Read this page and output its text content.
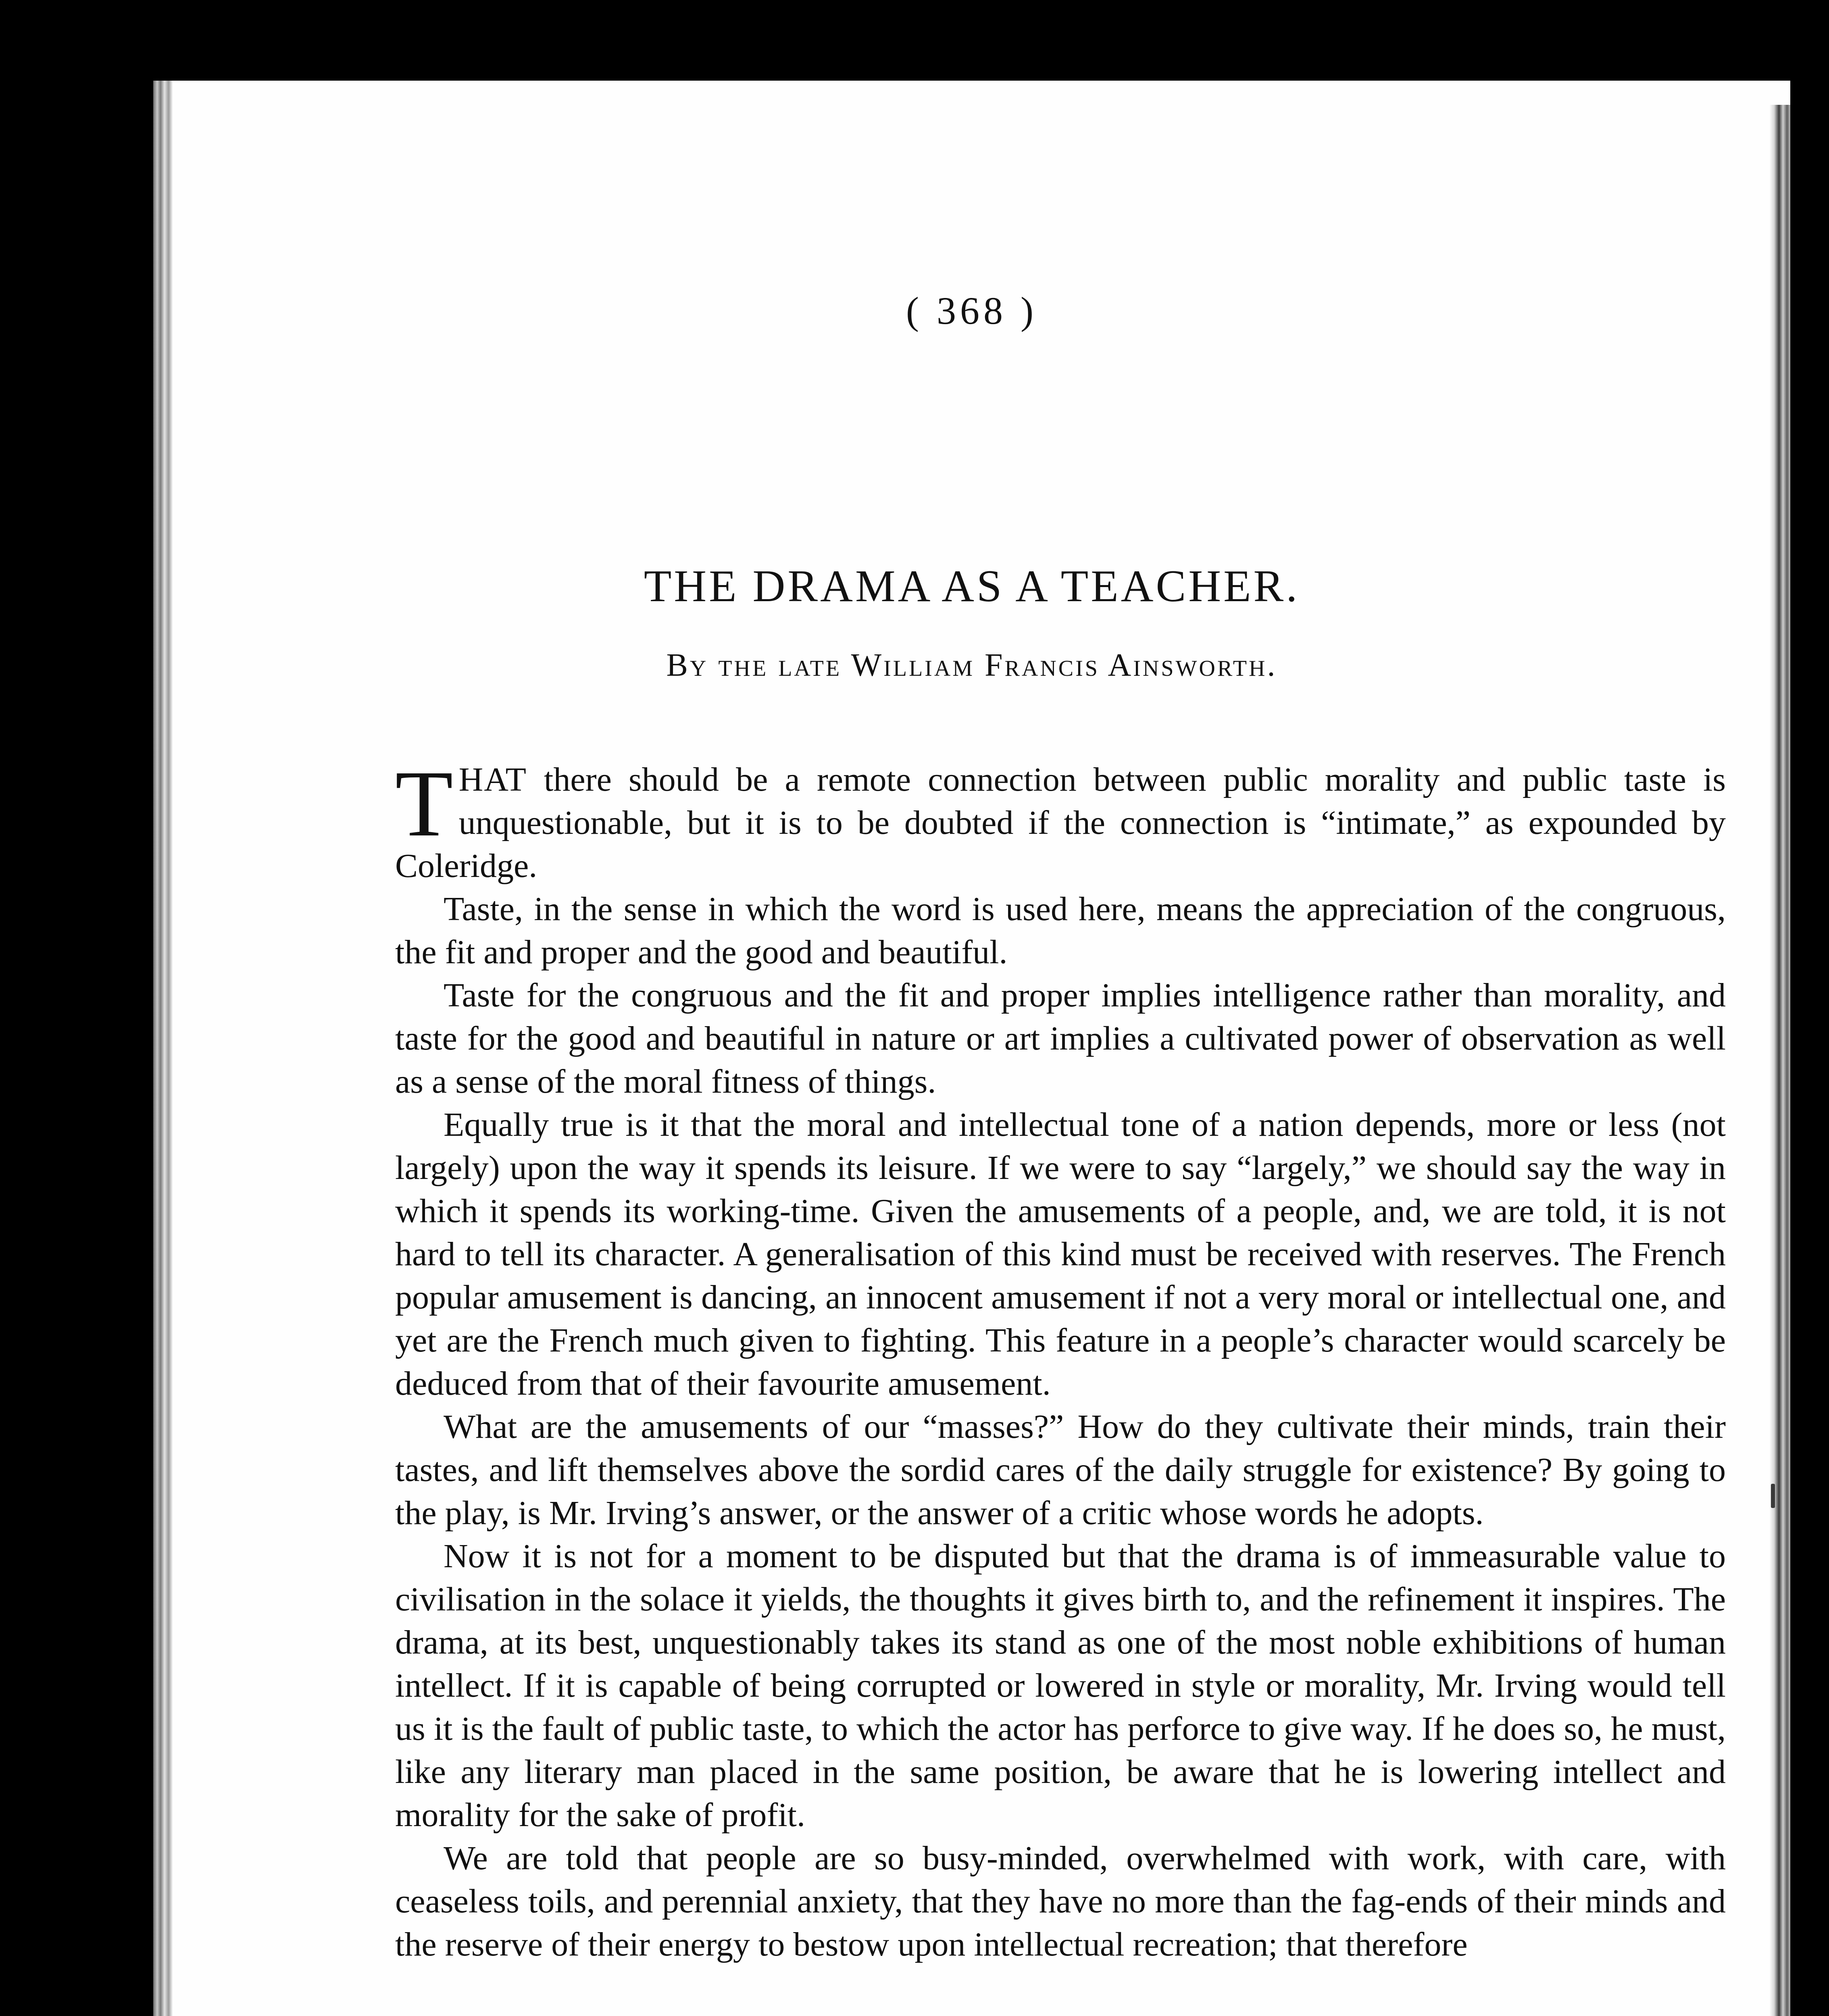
( 368 )

THE DRAMA AS A TEACHER.

By the late William Francis Ainsworth.

THAT there should be a remote connection between public morality and public taste is unquestionable, but it is to be doubted if the connection is “intimate,” as expounded by Coleridge.

Taste, in the sense in which the word is used here, means the appreciation of the congruous, the fit and proper and the good and beautiful.

Taste for the congruous and the fit and proper implies intelligence rather than morality, and taste for the good and beautiful in nature or art implies a cultivated power of observation as well as a sense of the moral fitness of things.

Equally true is it that the moral and intellectual tone of a nation depends, more or less (not largely) upon the way it spends its leisure. If we were to say “largely,” we should say the way in which it spends its working-time. Given the amusements of a people, and, we are told, it is not hard to tell its character. A generalisation of this kind must be received with reserves. The French popular amusement is dancing, an innocent amusement if not a very moral or intellectual one, and yet are the French much given to fighting. This feature in a people’s character would scarcely be deduced from that of their favourite amusement.

What are the amusements of our “masses?” How do they cultivate their minds, train their tastes, and lift themselves above the sordid cares of the daily struggle for existence? By going to the play, is Mr. Irving’s answer, or the answer of a critic whose words he adopts.

Now it is not for a moment to be disputed but that the drama is of immeasurable value to civilisation in the solace it yields, the thoughts it gives birth to, and the refinement it inspires. The drama, at its best, unquestionably takes its stand as one of the most noble exhibitions of human intellect. If it is capable of being corrupted or lowered in style or morality, Mr. Irving would tell us it is the fault of public taste, to which the actor has perforce to give way. If he does so, he must, like any literary man placed in the same position, be aware that he is lowering intellect and morality for the sake of profit.

We are told that people are so busy-minded, overwhelmed with work, with care, with ceaseless toils, and perennial anxiety, that they have no more than the fag-ends of their minds and the reserve of their energy to bestow upon intellectual recreation; that therefore
